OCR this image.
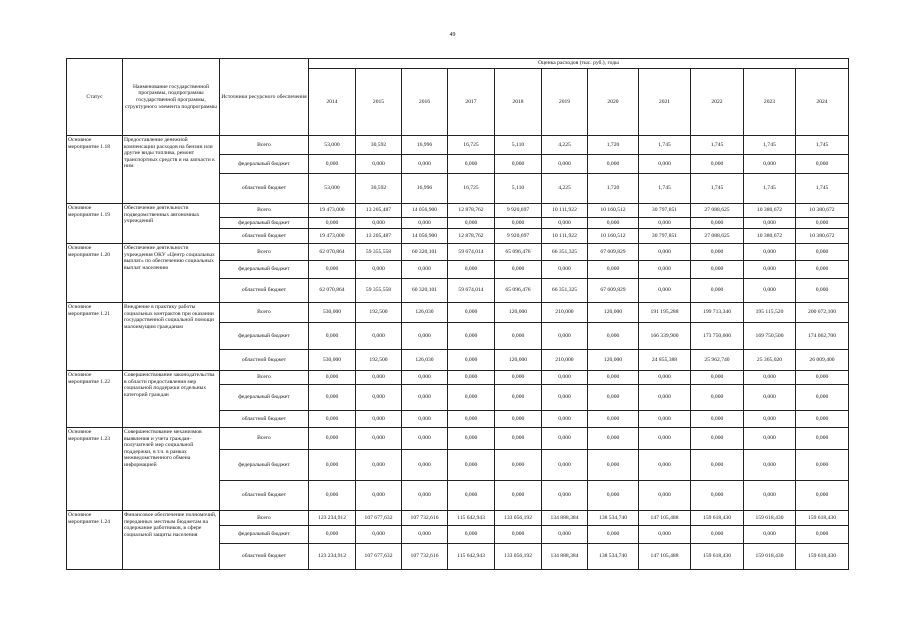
49
Статус	Наименование государственной программы, подпрограммы государственной программы, структурного элемента подпрограммы	Источники ресурсного обеспечения	Оценка расходов (тыс. руб.), годы										
			2014	2015	2016	2017	2018	2019	2020	2021	2022	2023	2024
Основное мероприятие 1.18	Предоставление денежной компенсации расходов на бензин или другие виды топлива, ремонт транспортных средств и на запчасти к ним	Всего	53,000	30,592	16,996	16,725	5,110	4,225	1,720	1,745	1,745	1,745	1,745
		федеральный бюджет	0,000	0,000	0,000	0,000	0,000	0,000	0,000	0,000	0,000	0,000	0,000
		областной бюджет	53,000	30,592	16,996	16,725	5,110	4,225	1,720	1,745	1,745	1,745	1,745
Основное мероприятие 1.19	Обеспечение деятельности подведомственных автономных учреждений	Всего	19 473,000	13 205,487	14 056,900	12 878,762	9 920,697	10 111,922	10 160,512	30 797,851	27 088,625	10 380,672	10 380,672
		федеральный бюджет	0,000	0,000	0,000	0,000	0,000	0,000	0,000	0,000	0,000	0,000	0,000
		областной бюджет	19 473,000	13 205,487	14 056,900	12 878,762	9 920,697	10 111,922	10 160,512	30 797,851	27 088,625	10 380,672	10 380,672
Основное мероприятие 1.20	Обеспечение деятельности учреждения ОКУ «Центр социальных выплат» по обеспечению социальных выплат населению	Всего	62 070,864	59 355,558	60 320,101	59 674,014	65 096,476	66 351,325	67 609,829	0,000	0,000	0,000	0,000
		федеральный бюджет	0,000	0,000	0,000	0,000	0,000	0,000	0,000	0,000	0,000	0,000	0,000
		областной бюджет	62 070,864	59 355,558	60 320,101	59 674,014	65 096,476	66 351,325	67 609,829	0,000	0,000	0,000	0,000
Основное мероприятие 1.21	Внедрение в практику работы социальных контрактов при оказании государственной социальной помощи малоимущим гражданам	Всего	530,000	192,500	126,030	0,000	120,000	210,000	120,000	191 195,288	199 713,340	195 115,520	200 072,100
		федеральный бюджет	0,000	0,000	0,000	0,000	0,000	0,000	0,000	166 339,900	173 750,600	169 750,500	174 062,700
		областной бюджет	530,000	192,500	126,030	0,000	120,000	210,000	120,000	24 855,388	25 962,740	25 365,020	26 009,400
Основное мероприятие 1.22	Совершенствование законодательства в области предоставления мер социальной поддержки отдельных категорий граждан	Всего	0,000	0,000	0,000	0,000	0,000	0,000	0,000	0,000	0,000	0,000	0,000
		федеральный бюджет	0,000	0,000	0,000	0,000	0,000	0,000	0,000	0,000	0,000	0,000	0,000
		областной бюджет	0,000	0,000	0,000	0,000	0,000	0,000	0,000	0,000	0,000	0,000	0,000
Основное мероприятие 1.23	Совершенствование механизмов выявления и учета граждан-получателей мер социальной поддержки, в т.ч. в рамках межведомственного обмена информацией	Всего	0,000	0,000	0,000	0,000	0,000	0,000	0,000	0,000	0,000	0,000	0,000
		федеральный бюджет	0,000	0,000	0,000	0,000	0,000	0,000	0,000	0,000	0,000	0,000	0,000
		областной бюджет	0,000	0,000	0,000	0,000	0,000	0,000	0,000	0,000	0,000	0,000	0,000
Основное мероприятие 1.24	Финансовое обеспечение полномочий, переданных местным бюджетам на содержание работников, в сфере социальной защиты населения	Всего	123 234,912	107 677,632	107 732,616	115 642,943	133 056,192	134 888,384	138 534,740	147 105,488	159 618,430	159 618,430	159 618,430
		федеральный бюджет	0,000	0,000	0,000	0,000	0,000	0,000	0,000	0,000	0,000	0,000	0,000
		областной бюджет	123 234,912	107 677,632	107 732,616	115 642,943	133 056,192	134 888,384	138 534,740	147 105,488	159 618,430	159 618,430	159 618,430
